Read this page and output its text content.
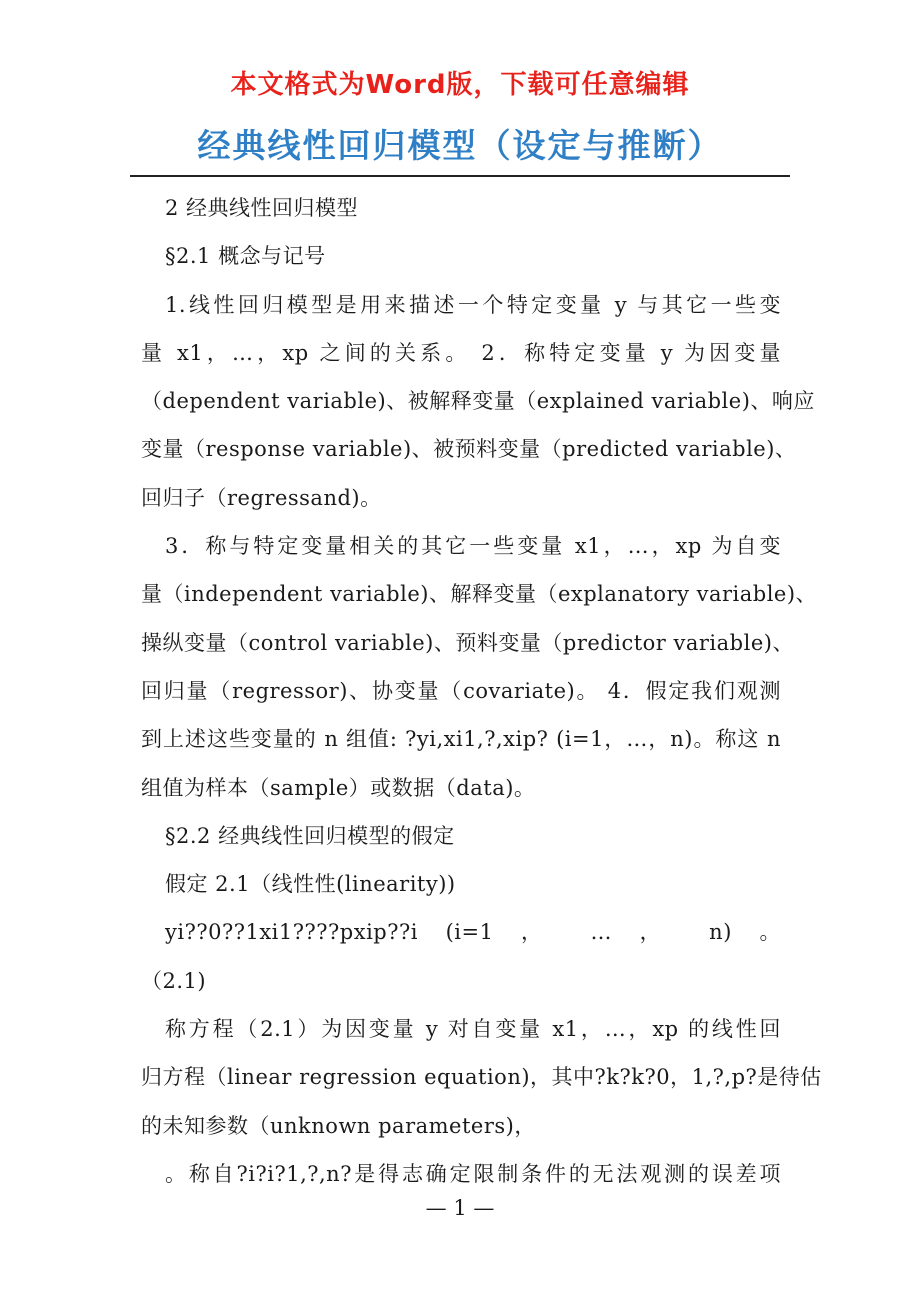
本文格式为Word版，下载可任意编辑
经典线性回归模型（设定与推断）
2 经典线性回归模型
§2.1 概念与记号
1.线性回归模型是用来描述一个特定变量 y 与其它一些变
量 x1，…，xp 之间的关系。 2．称特定变量 y 为因变量
（dependent variable)、被解释变量（explained variable)、响应
变量（response variable)、被预料变量（predicted variable)、
回归子（regressand)。
3．称与特定变量相关的其它一些变量 x1，…，xp 为自变
量（independent variable)、解释变量（explanatory variable)、
操纵变量（control variable)、预料变量（predictor variable)、
回归量（regressor)、协变量（covariate)。 4．假定我们观测
到上述这些变量的 n 组值: ?yi,xi1,?,xip? (i=1，…，n)。称这 n
组值为样本（sample）或数据（data)。
§2.2 经典线性回归模型的假定
假定 2.1（线性性(linearity))
yi??0??1xi1????pxip??i (i=1 ， … ， n) 。
（2.1)
称方程（2.1）为因变量 y 对自变量 x1，…，xp 的线性回
归方程（linear regression equation)，其中?k?k?0，1,?,p?是待估
的未知参数（unknown parameters)，
。称自?i?i?1,?,n?是得志确定限制条件的无法观测的误差项
— 1 —
